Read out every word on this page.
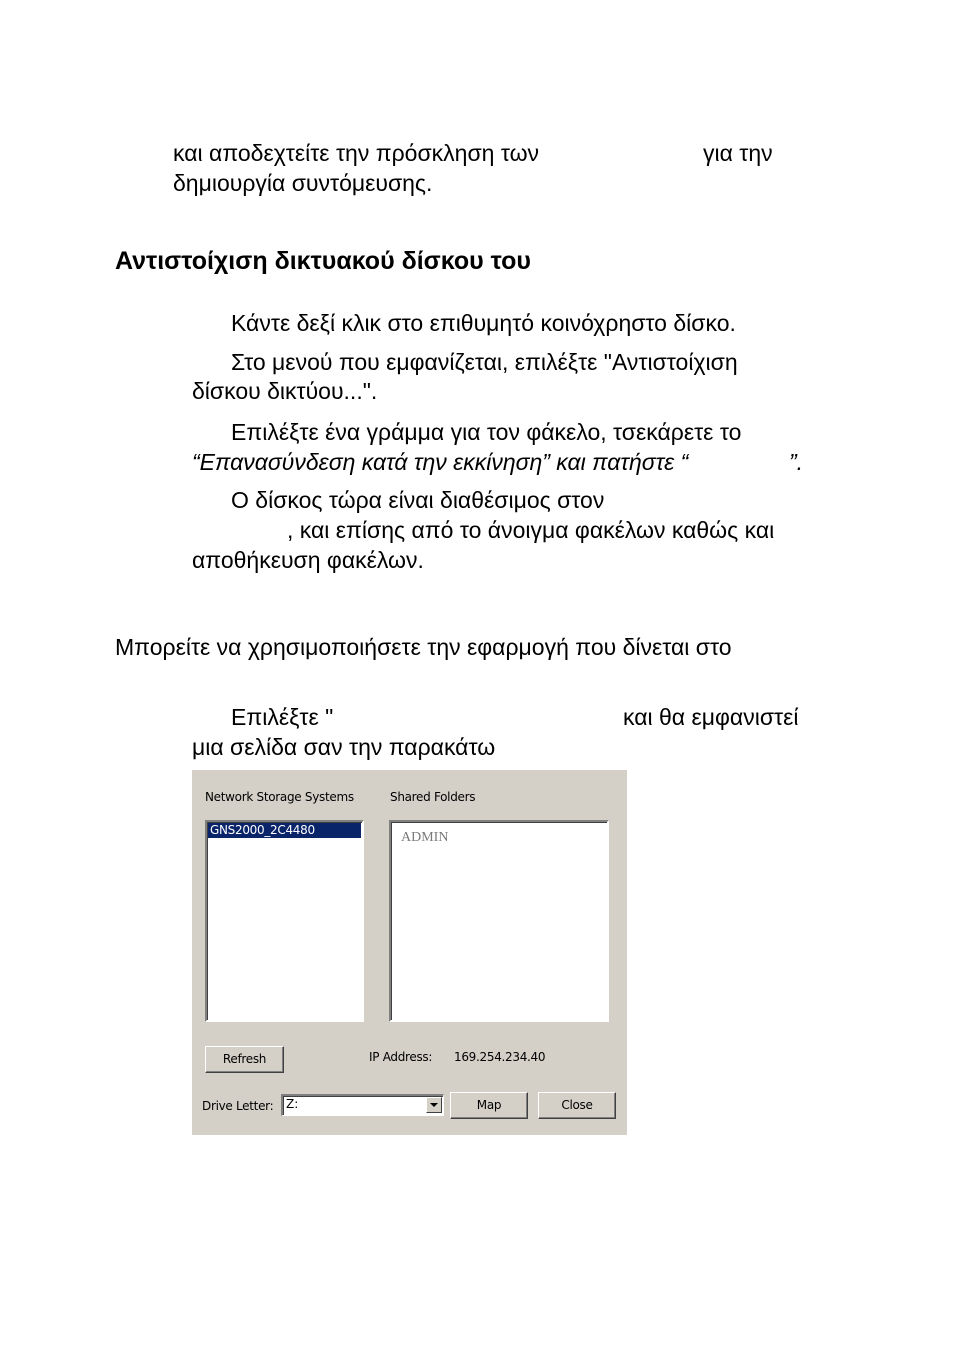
και αποδεχτείτε την πρόσκληση των	για την
δημιουργία συντόμευσης.
Αντιστοίχιση δικτυακού δίσκου του
Κάντε δεξί κλικ στο επιθυμητό κοινόχρηστο δίσκο.
Στο μενού που εμφανίζεται, επιλέξτε "Αντιστοίχιση
δίσκου δικτύου...".
Επιλέξτε ένα γράμμα για τον φάκελο, τσεκάρετε το
“Επανασύνδεση κατά την εκκίνηση” και πατήστε “	”.
Ο δίσκος τώρα είναι διαθέσιμος στον
, και επίσης από το άνοιγμα φακέλων καθώς και
αποθήκευση φακέλων.
Μπορείτε να χρησιμοποιήσετε την εφαρμογή που δίνεται στο
Επιλέξτε "	και θα εμφανιστεί
μια σελίδα σαν την παρακάτω
Network Storage Systems	Shared Folders
GNS2000_2C4480	ADMIN
Refresh	IP Address: 169.254.234.40
Drive Letter: Z:	Map	Close
